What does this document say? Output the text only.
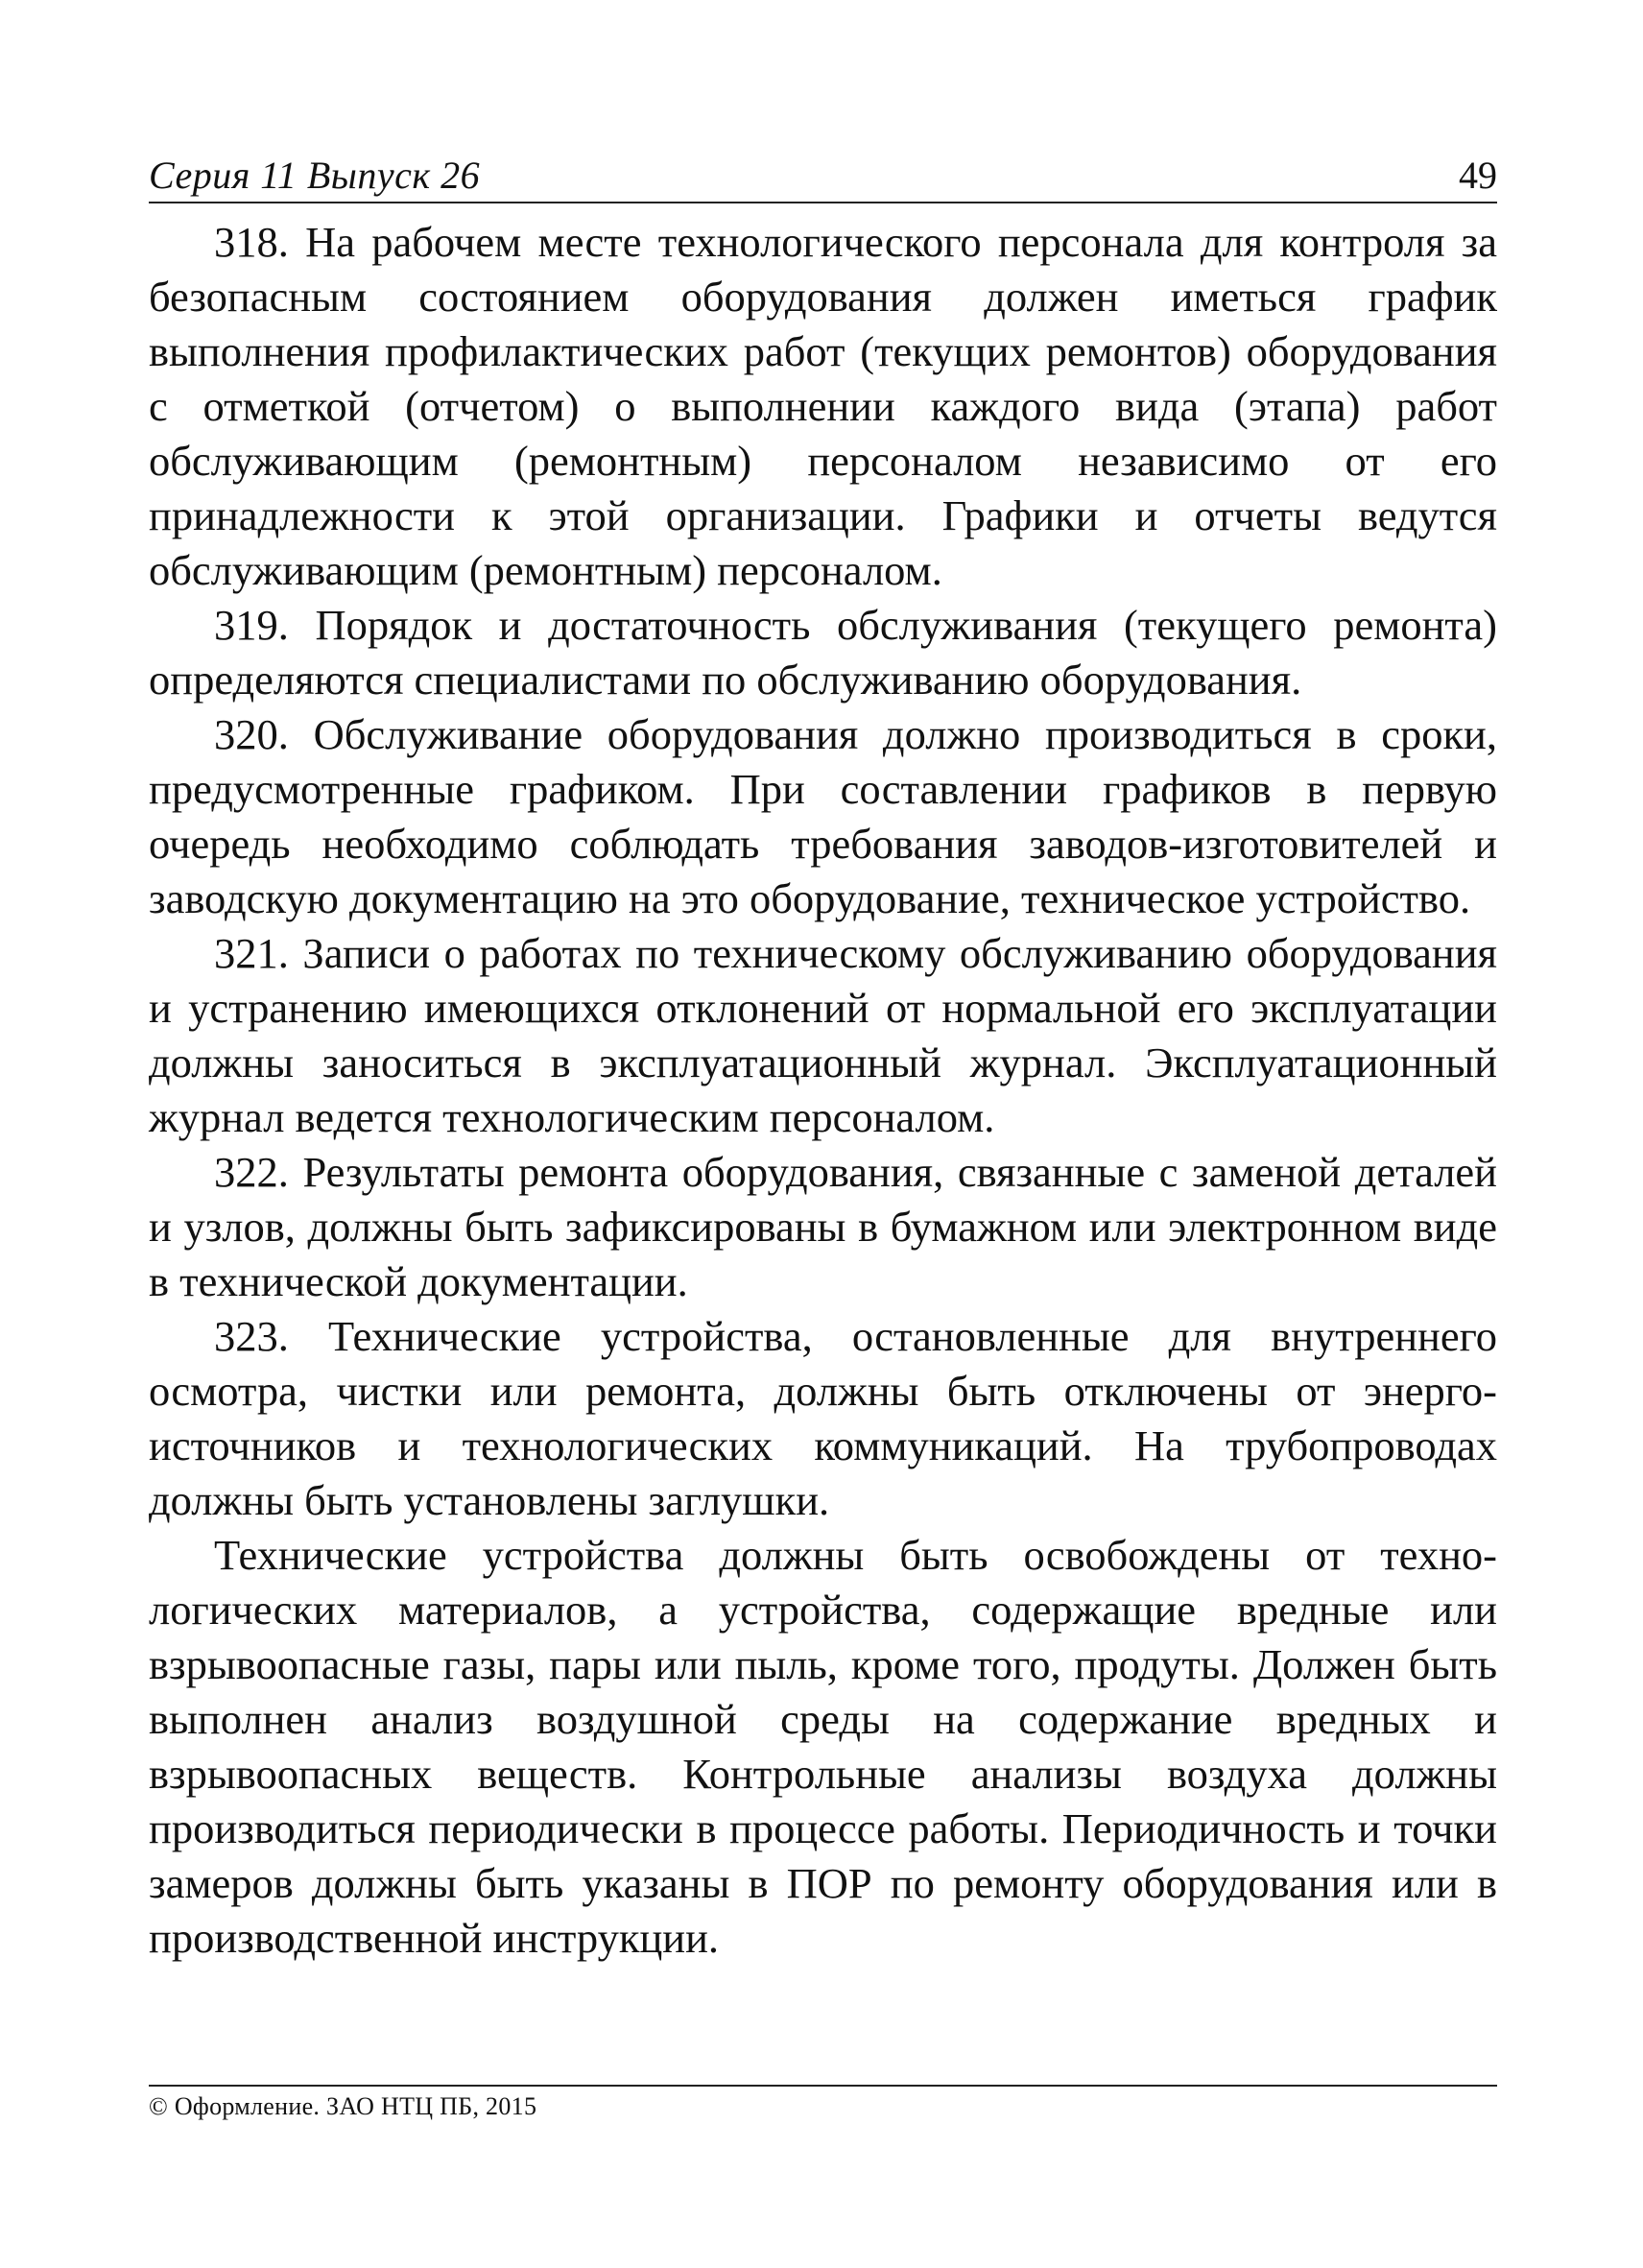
Серия 11 Выпуск 26	49

318. На рабочем месте технологического персонала для контроля за безопасным состоянием оборудования должен иметься график выполнения профилактических работ (текущих ремонтов) оборудования с отметкой (отчетом) о выполнении каждого вида (этапа) работ обслуживающим (ремонтным) персоналом независимо от его принадлежности к этой организации. Графики и отчеты ведутся обслуживающим (ремонтным) персоналом.

319. Порядок и достаточность обслуживания (текущего ремонта) определяются специалистами по обслуживанию оборудования.

320. Обслуживание оборудования должно производиться в сроки, предусмотренные графиком. При составлении графиков в первую очередь необходимо соблюдать требования заводов-изготовителей и заводскую документацию на это оборудование, техническое устройство.

321. Записи о работах по техническому обслуживанию оборудования и устранению имеющихся отклонений от нормальной его эксплуатации должны заноситься в эксплуатационный журнал. Эксплуатационный журнал ведется технологическим персоналом.

322. Результаты ремонта оборудования, связанные с заменой деталей и узлов, должны быть зафиксированы в бумажном или электронном виде в технической документации.

323. Технические устройства, остановленные для внутреннего осмотра, чистки или ремонта, должны быть отключены от энергоисточников и технологических коммуникаций. На трубопроводах должны быть установлены заглушки.

Технические устройства должны быть освобождены от технологических материалов, а устройства, содержащие вредные или взрывоопасные газы, пары или пыль, кроме того, продуты. Должен быть выполнен анализ воздушной среды на содержание вредных и взрывоопасных веществ. Контрольные анализы воздуха должны производиться периодически в процессе работы. Периодичность и точки замеров должны быть указаны в ПОР по ремонту оборудования или в производственной инструкции.

© Оформление. ЗАО НТЦ ПБ, 2015
